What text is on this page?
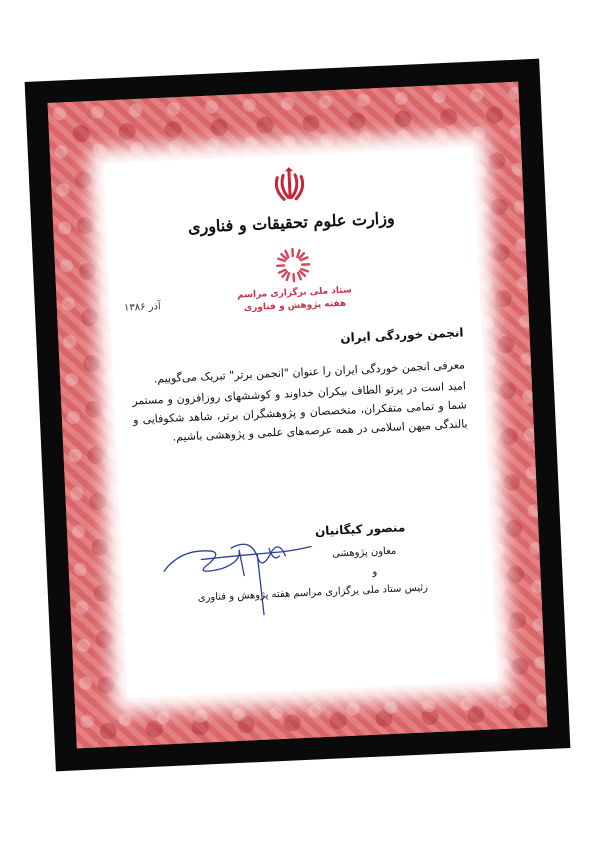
وزارت علوم تحقیقات و فناوری
ستاد ملی برگزاری مراسم
هفته پژوهش و فناوری
آذر ۱۳۸۶
انجمن خوردگی ایران

معرفی انجمن خوردگی ایران را عنوان "انجمن برتر" تبریک می‌گوییم.

امید است در پرتو الطاف بیکران خداوند و کوششهای روزافزون و مستمر شما و تمامی متفکران، متخصصان و پژوهشگران برتر، شاهد شکوفایی و بالندگی میهن اسلامی در همه عرصه‌های علمی و پژوهشی باشیم.

منصور کیگانیان
معاون پژوهشی
و
رئیس ستاد ملی برگزاری مراسم هفته پژوهش و فناوری
